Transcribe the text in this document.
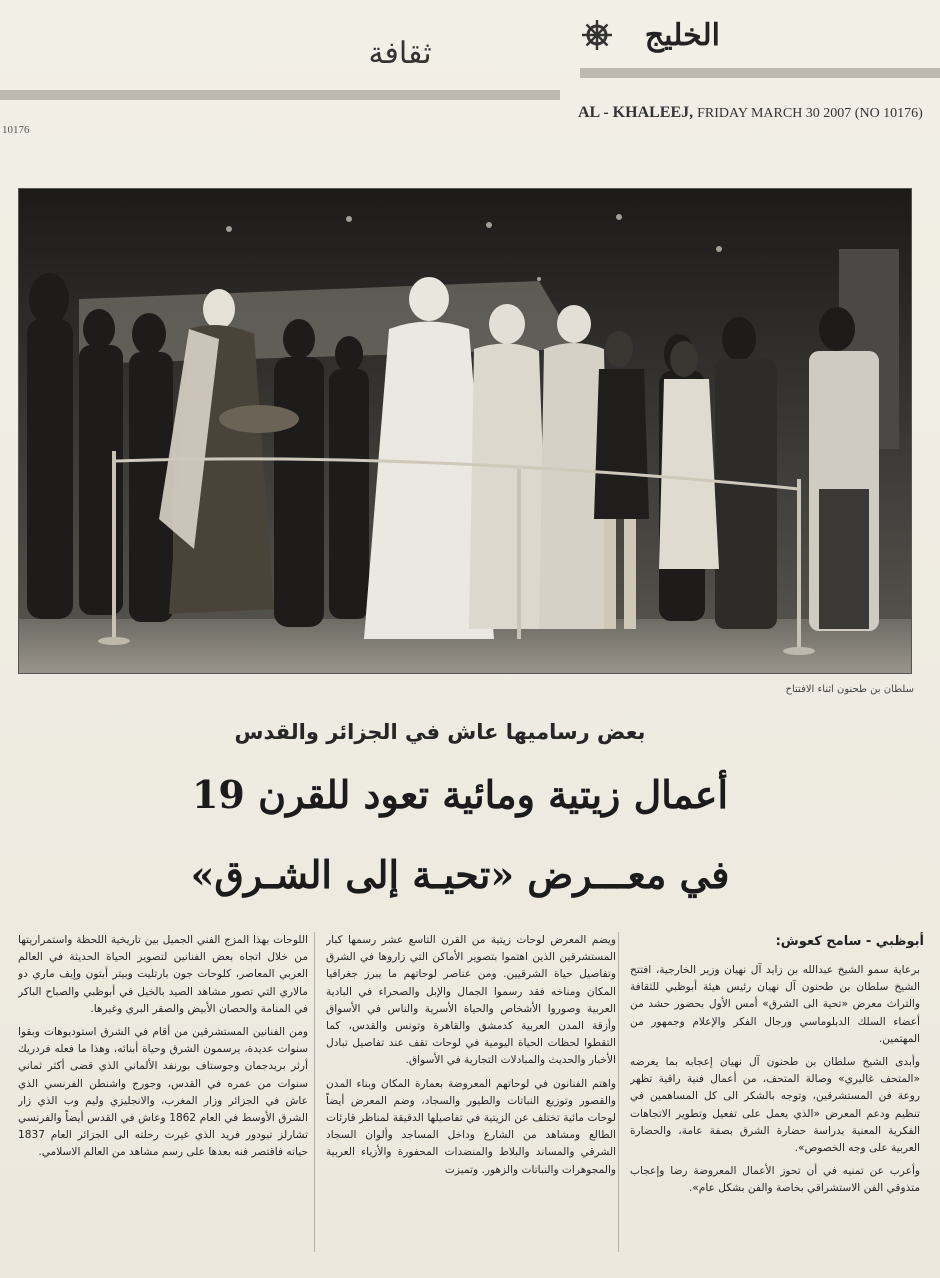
ثقافة
الخليج
AL - KHALEEJ, FRIDAY MARCH 30 2007 (NO 10176)
10176
سلطان بن طحنون اثناء الافتتاح
بعض رساميها عاش في الجزائر والقدس
أعمال زيتية ومائية تعود للقرن 19
في معـــرض «تحيـة إلى الشـرق»
أبوظبي - سامح كعوش:

برعاية سمو الشيخ عبدالله بن زايد آل نهيان وزير الخارجية، افتتح الشيخ سلطان بن طحنون آل نهيان رئيس هيئة أبوظبي للثقافة والتراث معرض «تحية الى الشرق» أمس الأول بحضور حشد من أعضاء السلك الدبلوماسي ورجال الفكر والإعلام وجمهور من المهتمين.

وأبدى الشيخ سلطان بن طحنون آل نهيان إعجابه بما يعرضه «المتحف غاليري» وصالة المتحف، من أعمال فنية راقية تظهر روعة فن المستشرقين، وتوجه بالشكر الى كل المساهمين في تنظيم ودعم المعرض «الذي يعمل على تفعيل وتطوير الاتجاهات الفكرية المعنية بدراسة حضارة الشرق بصفة عامة، والحضارة العربية على وجه الخصوص».

وأعرب عن تمنيه في أن تحوز الأعمال المعروضة رضا وإعجاب متذوقي الفن الاستشراقي بخاصة والفن بشكل عام».

ويضم المعرض لوحات زيتية من القرن التاسع عشر رسمها كبار المستشرقين الذين اهتموا بتصوير الأماكن التي زاروها في الشرق وتفاصيل حياة الشرقيين. ومن عناصر لوحاتهم ما يبرز جغرافيا المكان ومناخه فقد رسموا الجمال والإبل والصحراء في البادية العربية وصوروا الأشخاص والحياة الأسرية والناس في الأسواق وأزقة المدن العربية كدمشق والقاهرة وتونس والقدس، كما التقطوا لحظات الحياة اليومية في لوحات تقف عند تفاصيل تبادل الأخبار والحديث والمبادلات التجارية في الأسواق.

واهتم الفنانون في لوحاتهم المعروضة بعمارة المكان وبناء المدن والقصور وتوزيع النباتات والطيور والسجاد، وضم المعرض أيضاً لوحات مائية تختلف عن الزيتية في تفاصيلها الدقيقة لمناظر قارئات الطالع ومشاهد من الشارع وداخل المساجد وألوان السجاد الشرقي والمساند والبلاط والمنضدات المحفورة والأزياء العربية والمجوهرات والنباتات والزهور. وتميزت

اللوحات بهذا المزج الفني الجميل بين تاريخية اللحظة واستمراريتها من خلال اتجاه بعض الفنانين لتصوير الحياة الحديثة في العالم العربي المعاصر، كلوحات جون بارتليت وبيتر أبتون وإيف ماري دو مالاري التي تصور مشاهد الصيد بالخيل في أبوظبي والصباح الباكر في المنامة والحصان الأبيض والصقر البري وغيرها.

ومن الفنانين المستشرقين من أقام في الشرق استوديوهات وبقوا سنوات عديدة، يرسمون الشرق وحياة أبنائه، وهذا ما فعله فردريك أرثر بريدجمان وجوستاف بورنفد الألماني الذي قضى أكثر ثماني سنوات من عمره في القدس، وجورج واشنطن الفرنسي الذي عاش في الجزائر وزار المغرب، والانجليزي وليم وب الذي زار الشرق الأوسط في العام 1862 وعاش في القدس أيضاً والفرنسي تشارلز تيودور فريد الذي غيرت رحلته الى الجزائر العام 1837 حياته فاقتصر فنه بعدها على رسم مشاهد من العالم الاسلامي.
